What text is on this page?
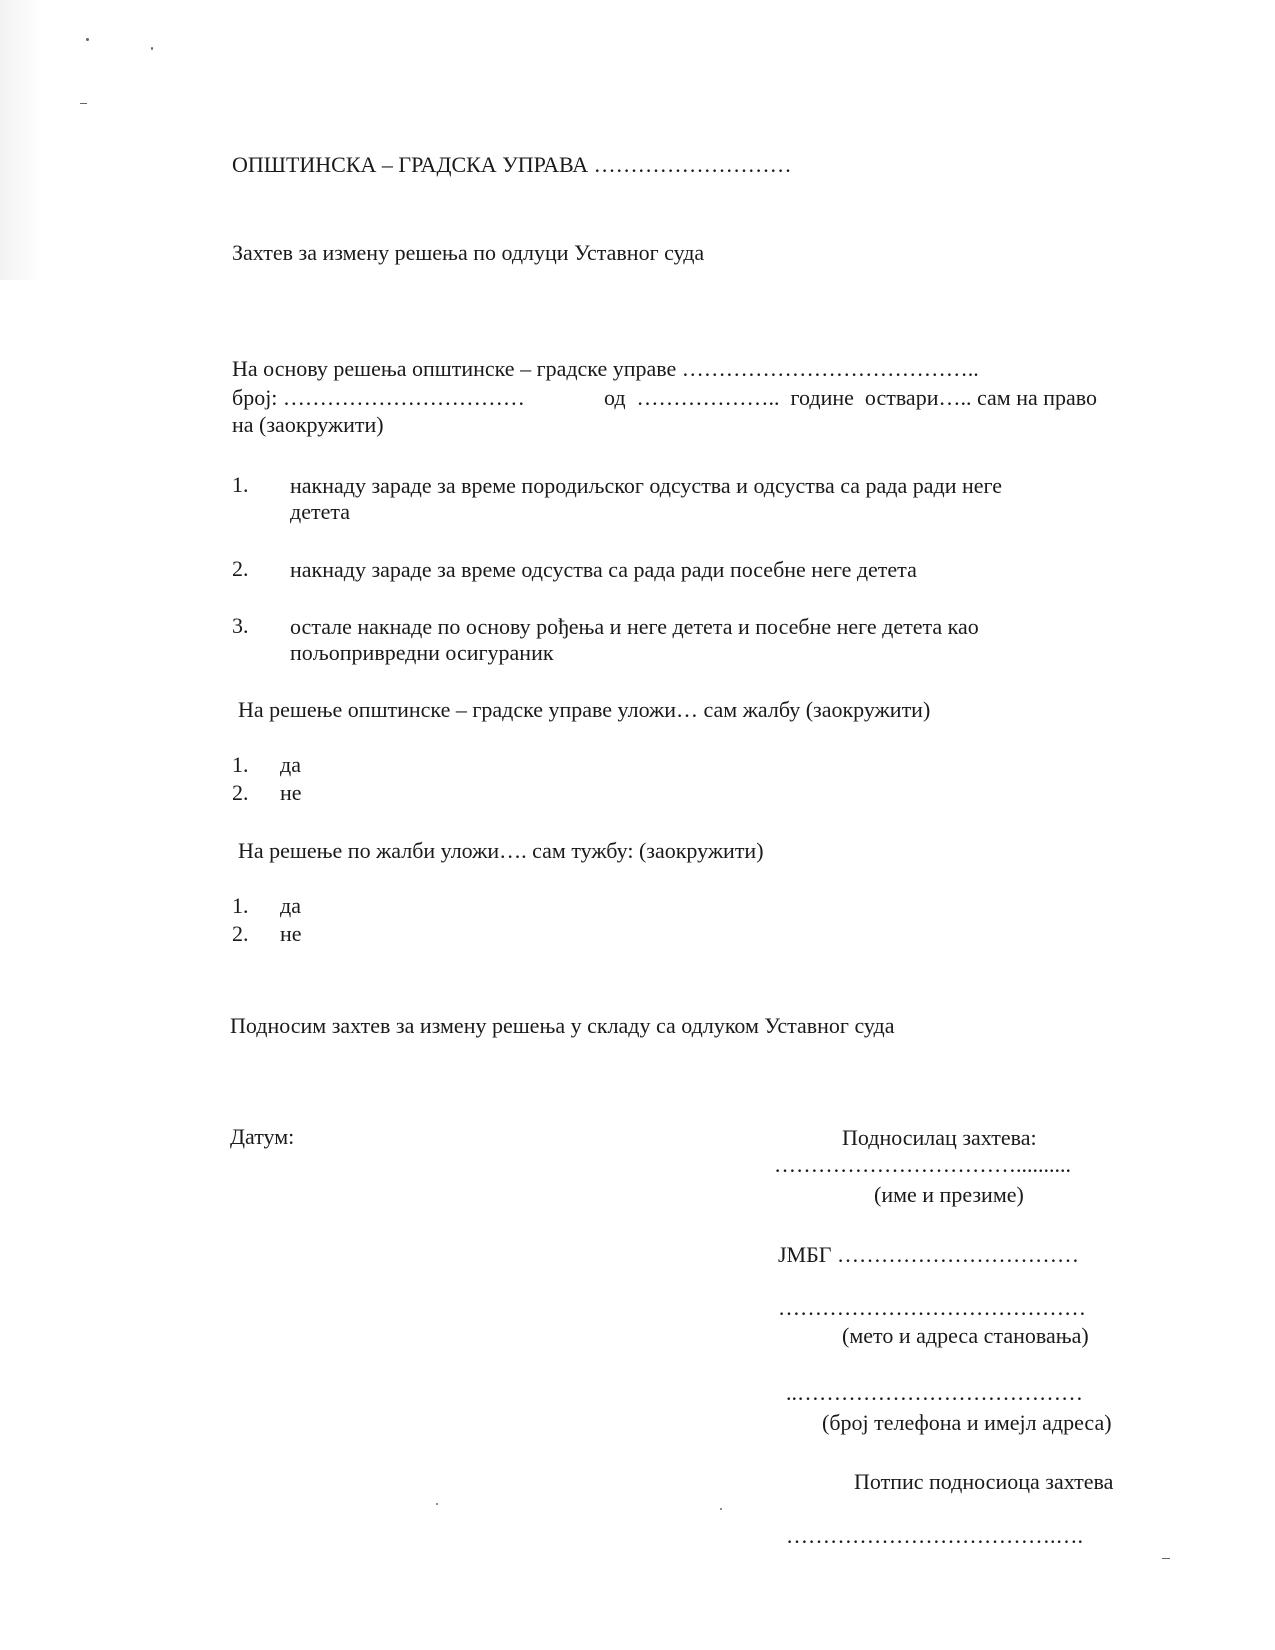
ОПШТИНСКА – ГРАДСКА УПРАВА ………………………
Захтев за измену решења по одлуци Уставног суда
На основу решења општинске – градске управе …………………………………..
број: ……………………………	од  ………………..  године  оствари….. сам на право
на (заокружити)
1. накнаду зараде за време породиљског одсуства и одсуства са рада ради неге
детета
2. накнаду зараде за време одсуства са рада ради посебне неге детета
3. остале накнаде по основу рођења и неге детета и посебне неге детета као
пољопривредни осигураник
На решење општинске – градске управе уложи… сам жалбу (заокружити)
1. да
2. не
На решење по жалби уложи…. сам тужбу: (заокружити)
1. да
2. не
Подносим захтев за измену решења у складу са одлуком Уставног суда
Датум:	Подносилац захтева:
……………………………..........
(име и презиме)
ЈМБГ ……………………………
……………………………………
(мето и адреса становања)
..…………………………………
(број телефона и имејл адреса)
Потпис подносиоца захтева
……………………………….….
